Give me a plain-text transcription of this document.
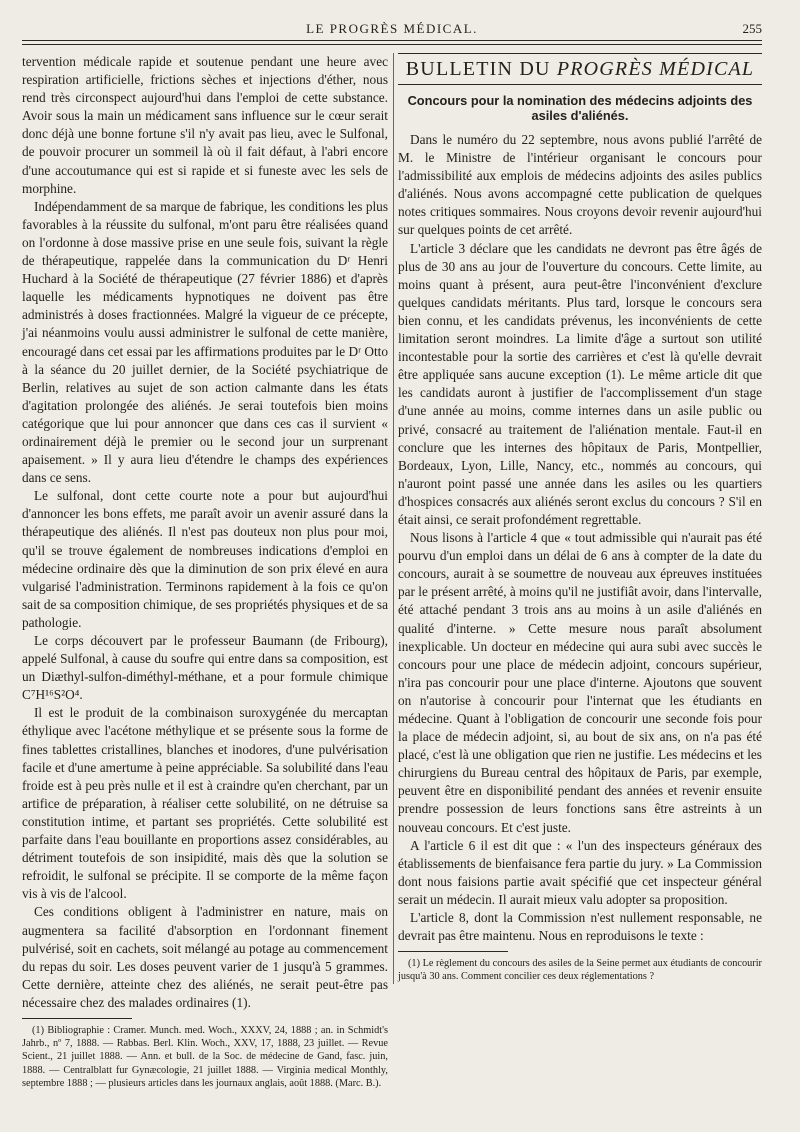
LE PROGRÈS MÉDICAL.	255

tervention médicale rapide et soutenue pendant une heure avec respiration artificielle, frictions sèches et injections d'éther, nous rend très circonspect aujourd'hui dans l'emploi de cette substance. Avoir sous la main un médicament sans influence sur le cœur serait donc déjà une bonne fortune s'il n'y avait pas lieu, avec le Sulfonal, de pouvoir procurer un sommeil là où il fait défaut, à l'abri encore d'une accoutumance qui est si rapide et si funeste avec les sels de morphine.

Indépendamment de sa marque de fabrique, les conditions les plus favorables à la réussite du sulfonal, m'ont paru être réalisées quand on l'ordonne à dose massive prise en une seule fois, suivant la règle de thérapeutique, rappelée dans la communication du Dʳ Henri Huchard à la Société de thérapeutique (27 février 1886) et d'après laquelle les médicaments hypnotiques ne doivent pas être administrés à doses fractionnées. Malgré la vigueur de ce précepte, j'ai néanmoins voulu aussi administrer le sulfonal de cette manière, encouragé dans cet essai par les affirmations produites par le Dʳ Otto à la séance du 20 juillet dernier, de la Société psychiatrique de Berlin, relatives au sujet de son action calmante dans les états d'agitation prolongée des aliénés. Je serai toutefois bien moins catégorique que lui pour annoncer que dans ces cas il survient « ordinairement déjà le premier ou le second jour un surprenant apaisement. » Il y aura lieu d'étendre le champs des expériences dans ce sens.

Le sulfonal, dont cette courte note a pour but aujourd'hui d'annoncer les bons effets, me paraît avoir un avenir assuré dans la thérapeutique des aliénés. Il n'est pas douteux non plus pour moi, qu'il se trouve également de nombreuses indications d'emploi en médecine ordinaire dès que la diminution de son prix élevé en aura vulgarisé l'administration. Terminons rapidement à la fois ce qu'on sait de sa composition chimique, de ses propriétés physiques et de sa pathologie.

Le corps découvert par le professeur Baumann (de Fribourg), appelé Sulfonal, à cause du soufre qui entre dans sa composition, est un Diæthyl-sulfon-diméthyl-méthane, et a pour formule chimique C⁷H¹⁶S²O⁴.

Il est le produit de la combinaison suroxygénée du mercaptan éthylique avec l'acétone méthylique et se présente sous la forme de fines tablettes cristallines, blanches et inodores, d'une pulvérisation facile et d'une amertume à peine appréciable. Sa solubilité dans l'eau froide est à peu près nulle et il est à craindre qu'en cherchant, par un artifice de préparation, à réaliser cette solubilité, on ne détruise sa constitution intime, et partant ses propriétés. Cette solubilité est parfaite dans l'eau bouillante en proportions assez considérables, au détriment toutefois de son insipidité, mais dès que la solution se refroidit, le sulfonal se précipite. Il se comporte de la même façon vis à vis de l'alcool.

Ces conditions obligent à l'administrer en nature, mais on augmentera sa facilité d'absorption en l'ordonnant finement pulvérisé, soit en cachets, soit mélangé au potage au commencement du repas du soir. Les doses peuvent varier de 1 jusqu'à 5 grammes. Cette dernière, atteinte chez des aliénés, ne serait peut-être pas nécessaire chez des malades ordinaires (1).

(1) Bibliographie : Cramer. Munch. med. Woch., XXXV, 24, 1888 ; an. in Schmidt's Jahrb., nº 7, 1888. — Rabbas. Berl. Klin. Woch., XXV, 17, 1888, 23 juillet. — Revue Scient., 21 juillet 1888. — Ann. et bull. de la Soc. de médecine de Gand, fasc. juin, 1888. — Centralblatt fur Gynæcologie, 21 juillet 1888. — Virginia medical Monthly, septembre 1888 ; — plusieurs articles dans les journaux anglais, août 1888. (Marc. B.).
BULLETIN DU PROGRÈS MÉDICAL
Concours pour la nomination des médecins adjoints des asiles d'aliénés.

Dans le numéro du 22 septembre, nous avons publié l'arrêté de M. le Ministre de l'intérieur organisant le concours pour l'admissibilité aux emplois de médecins adjoints des asiles publics d'aliénés. Nous avons accompagné cette publication de quelques notes critiques sommaires. Nous croyons devoir revenir aujourd'hui sur quelques points de cet arrêté.

L'article 3 déclare que les candidats ne devront pas être âgés de plus de 30 ans au jour de l'ouverture du concours. Cette limite, au moins quant à présent, aura peut-être l'inconvénient d'exclure quelques candidats méritants. Plus tard, lorsque le concours sera bien connu, et les candidats prévenus, les inconvénients de cette limitation seront moindres. La limite d'âge a surtout son utilité incontestable pour la sortie des carrières et c'est là qu'elle devrait être appliquée sans aucune exception (1). Le même article dit que les candidats auront à justifier de l'accomplissement d'un stage d'une année au moins, comme internes dans un asile public ou privé, consacré au traitement de l'aliénation mentale. Faut-il en conclure que les internes des hôpitaux de Paris, Montpellier, Bordeaux, Lyon, Lille, Nancy, etc., nommés au concours, qui n'auront point passé une année dans les asiles ou les quartiers d'hospices consacrés aux aliénés seront exclus du concours ? S'il en était ainsi, ce serait profondément regrettable.

Nous lisons à l'article 4 que « tout admissible qui n'aurait pas été pourvu d'un emploi dans un délai de 6 ans à compter de la date du concours, aurait à se soumettre de nouveau aux épreuves instituées par le présent arrêté, à moins qu'il ne justifiât avoir, dans l'intervalle, été attaché pendant 3 trois ans au moins à un asile d'aliénés en qualité d'interne. » Cette mesure nous paraît absolument inexplicable. Un docteur en médecine qui aura subi avec succès le concours pour une place de médecin adjoint, concours supérieur, n'ira pas concourir pour une place d'interne. Ajoutons que souvent on n'autorise à concourir pour l'internat que les étudiants en médecine. Quant à l'obligation de concourir une seconde fois pour la place de médecin adjoint, si, au bout de six ans, on n'a pas été placé, c'est là une obligation que rien ne justifie. Les médecins et les chirurgiens du Bureau central des hôpitaux de Paris, par exemple, peuvent être en disponibilité pendant des années et revenir ensuite prendre possession de leurs fonctions sans être astreints à un nouveau concours. Et c'est juste.

A l'article 6 il est dit que : « l'un des inspecteurs généraux des établissements de bienfaisance fera partie du jury. » La Commission dont nous faisions partie avait spécifié que cet inspecteur général serait un médecin. Il aurait mieux valu adopter sa proposition.

L'article 8, dont la Commission n'est nullement responsable, ne devrait pas être maintenu. Nous en reproduisons le texte :

(1) Le règlement du concours des asiles de la Seine permet aux étudiants de concourir jusqu'à 30 ans. Comment concilier ces deux réglementations ?
